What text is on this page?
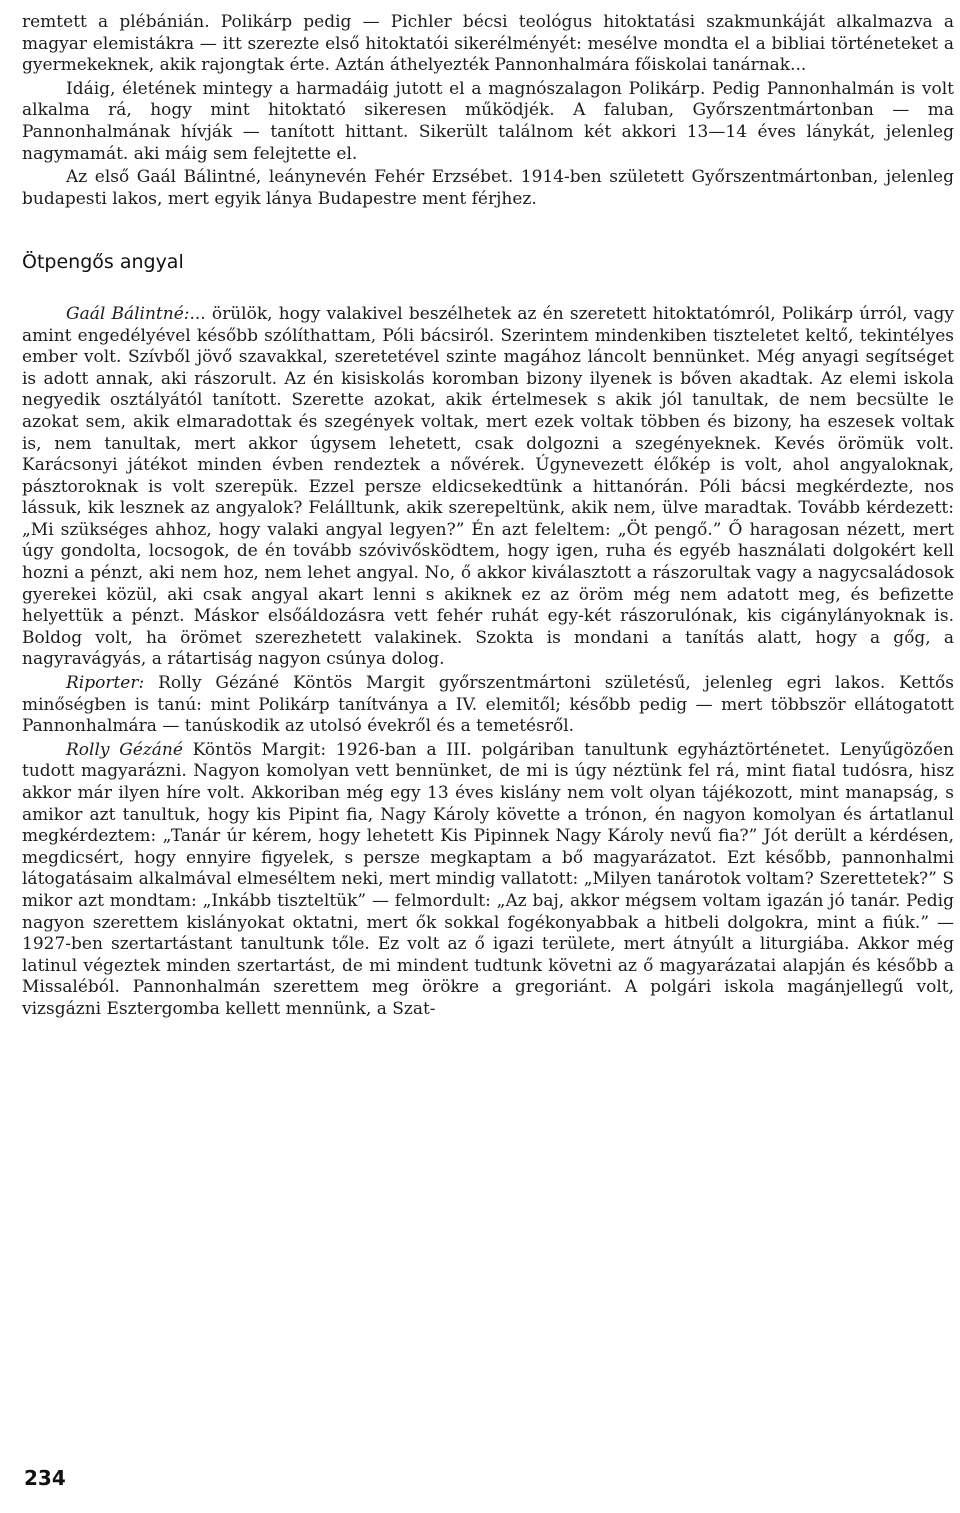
remtett a plébánián. Polikárp pedig — Pichler bécsi teológus hitoktatási szakmunkáját alkalmazva a magyar elemistákra — itt szerezte első hitoktatói sikerélményét: mesélve mondta el a bibliai történeteket a gyermekeknek, akik rajongtak érte. Aztán áthelyezték Pannonhalmára főiskolai tanárnak...

Idáig, életének mintegy a harmadáig jutott el a magnószalagon Polikárp. Pedig Pannonhalmán is volt alkalma rá, hogy mint hitoktató sikeresen működjék. A faluban, Győrszentmártonban — ma Pannonhalmának hívják — tanított hittant. Sikerült találnom két akkori 13—14 éves lánykát, jelenleg nagymamát. aki máig sem felejtette el.

Az első Gaál Bálintné, leánynevén Fehér Erzsébet. 1914-ben született Győrszentmártonban, jelenleg budapesti lakos, mert egyik lánya Budapestre ment férjhez.

Ötpengős angyal

Gaál Bálintné:... örülök, hogy valakivel beszélhetek az én szeretett hitoktatómról, Polikárp úrról, vagy amint engedélyével később szólíthattam, Póli bácsiról. Szerintem mindenkiben tiszteletet keltő, tekintélyes ember volt. Szívből jövő szavakkal, szeretetével szinte magához láncolt bennünket. Még anyagi segítséget is adott annak, aki rászorult. Az én kisiskolás koromban bizony ilyenek is bőven akadtak. Az elemi iskola negyedik osztályától tanított. Szerette azokat, akik értelmesek s akik jól tanultak, de nem becsülte le azokat sem, akik elmaradottak és szegények voltak, mert ezek voltak többen és bizony, ha eszesek voltak is, nem tanultak, mert akkor úgysem lehetett, csak dolgozni a szegényeknek. Kevés örömük volt. Karácsonyi játékot minden évben rendeztek a nővérek. Úgynevezett élőkép is volt, ahol angyaloknak, pásztoroknak is volt szerepük. Ezzel persze eldicsekedtünk a hittanórán. Póli bácsi megkérdezte, nos lássuk, kik lesznek az angyalok? Felálltunk, akik szerepeltünk, akik nem, ülve maradtak. Tovább kérdezett: „Mi szükséges ahhoz, hogy valaki angyal legyen?” Én azt feleltem: „Öt pengő.” Ő haragosan nézett, mert úgy gondolta, locsogok, de én tovább szóvivősködtem, hogy igen, ruha és egyéb használati dolgokért kell hozni a pénzt, aki nem hoz, nem lehet angyal. No, ő akkor kiválasztott a rászorultak vagy a nagycsaládosok gyerekei közül, aki csak angyal akart lenni s akiknek ez az öröm még nem adatott meg, és befizette helyettük a pénzt. Máskor elsőáldozásra vett fehér ruhát egy-két rászorulónak, kis cigánylányoknak is. Boldog volt, ha örömet szerezhetett valakinek. Szokta is mondani a tanítás alatt, hogy a gőg, a nagyravágyás, a rátartiság nagyon csúnya dolog.

Riporter: Rolly Gézáné Köntös Margit győrszentmártoni születésű, jelenleg egri lakos. Kettős minőségben is tanú: mint Polikárp tanítványa a IV. elemitől; később pedig — mert többször ellátogatott Pannonhalmára — tanúskodik az utolsó évekről és a temetésről.

Rolly Gézáné Köntös Margit: 1926-ban a III. polgáriban tanultunk egyháztörténetet. Lenyűgözően tudott magyarázni. Nagyon komolyan vett bennünket, de mi is úgy néztünk fel rá, mint fiatal tudósra, hisz akkor már ilyen híre volt. Akkoriban még egy 13 éves kislány nem volt olyan tájékozott, mint manapság, s amikor azt tanultuk, hogy kis Pipint fia, Nagy Károly követte a trónon, én nagyon komolyan és ártatlanul megkérdeztem: „Tanár úr kérem, hogy lehetett Kis Pipinnek Nagy Károly nevű fia?” Jót derült a kérdésen, megdicsért, hogy ennyire figyelek, s persze megkaptam a bő magyarázatot. Ezt később, pannonhalmi látogatásaim alkalmával elmeséltem neki, mert mindig vallatott: „Milyen tanárotok voltam? Szerettetek?” S mikor azt mondtam: „Inkább tiszteltük” — felmordult: „Az baj, akkor mégsem voltam igazán jó tanár. Pedig nagyon szerettem kislányokat oktatni, mert ők sokkal fogékonyabbak a hitbeli dolgokra, mint a fiúk.” — 1927-ben szertartástant tanultunk tőle. Ez volt az ő igazi területe, mert átnyúlt a liturgiába. Akkor még latinul végeztek minden szertartást, de mi mindent tudtunk követni az ő magyarázatai alapján és később a Missaléból. Pannonhalmán szerettem meg örökre a gregoriánt. A polgári iskola magánjellegű volt, vizsgázni Esztergomba kellett mennünk, a Szat-

234
